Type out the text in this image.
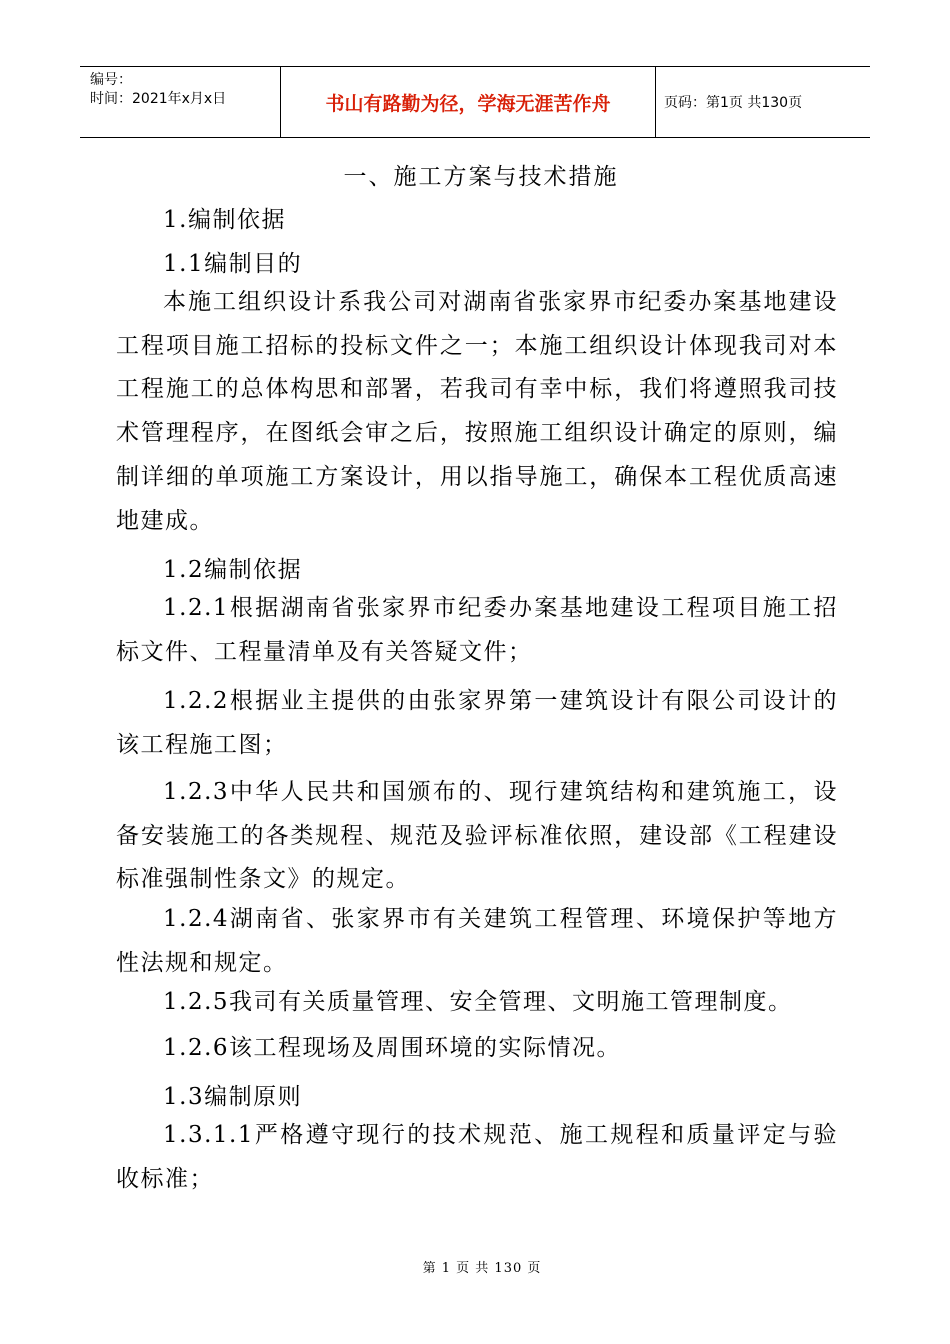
编号：
时间：2021年x月x日	书山有路勤为径，学海无涯苦作舟	页码：第1页 共130页
一、施工方案与技术措施
1.编制依据
1.1编制目的
本施工组织设计系我公司对湖南省张家界市纪委办案基地建设工程项目施工招标的投标文件之一；本施工组织设计体现我司对本工程施工的总体构思和部署，若我司有幸中标，我们将遵照我司技术管理程序，在图纸会审之后，按照施工组织设计确定的原则，编制详细的单项施工方案设计，用以指导施工，确保本工程优质高速地建成。
1.2编制依据
1.2.1根据湖南省张家界市纪委办案基地建设工程项目施工招标文件、工程量清单及有关答疑文件；
1.2.2根据业主提供的由张家界第一建筑设计有限公司设计的该工程施工图；
1.2.3中华人民共和国颁布的、现行建筑结构和建筑施工，设备安装施工的各类规程、规范及验评标准依照，建设部《工程建设标准强制性条文》的规定。
1.2.4湖南省、张家界市有关建筑工程管理、环境保护等地方性法规和规定。
1.2.5我司有关质量管理、安全管理、文明施工管理制度。
1.2.6该工程现场及周围环境的实际情况。
1.3编制原则
1.3.1.1严格遵守现行的技术规范、施工规程和质量评定与验收标准；
第 1 页 共 130 页
